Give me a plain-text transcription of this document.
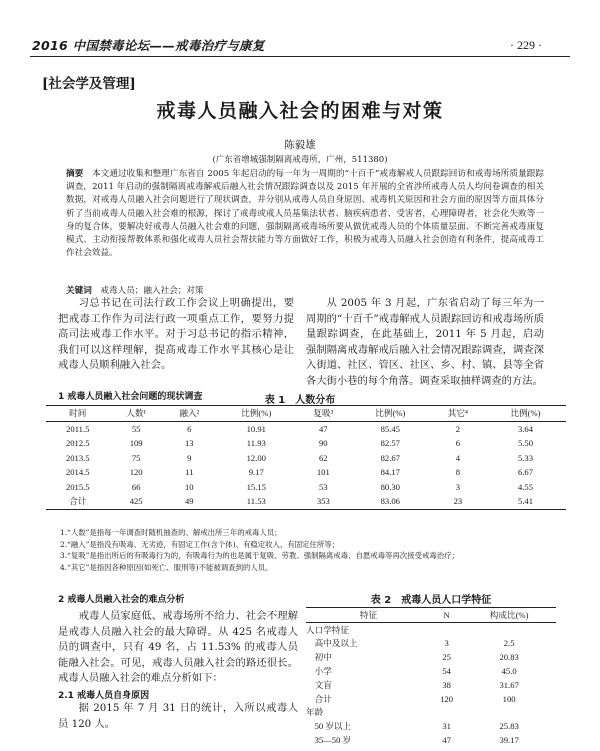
2016 中国禁毒论坛——戒毒治疗与康复	· 229 ·
[社会学及管理]
戒毒人员融入社会的困难与对策
陈毅雄
(广东省增城强制隔离戒毒所，广州，511380)
摘要　 本文通过收集和整理广东省自 2005 年起启动的每一年为一周期的“十百千”戒毒解戒人员跟踪回访和戒毒场所质量跟踪调查，2011 年启动的强制隔离戒毒解戒后融入社会情况跟踪调查以及 2015 年开展的全省涉所戒毒人员人均问卷调查的相关数据，对戒毒人员融入社会问题进行了现状调查，并分别从戒毒人员自身原因、戒毒机关原因和社会方面的原因等方面具体分析了当前戒毒人员融入社会难的根源，探讨了戒毒或戒人员基集法状者、脑疾病患者、受害者，心理障碍者，社会化失败等一身的复合体，要解决好戒毒人员融入社会难的问题，强制隔离戒毒场所要从做优戒毒人员的个体质量层面、不断完善戒毒康复模式、主动衔接帮教体系和强化戒毒人员社会帮扶能力等方面做好工作，积极为戒毒人员融入社会创造有利条件，提高戒毒工作社会效益。
关键词　 戒毒人员；融入社会；对策
习总书记在司法行政工作会议上明确提出，要把戒毒工作作为司法行政一项重点工作，要努力提高司法戒毒工作水平。对于习总书记的指示精神，我们可以这样理解，提高戒毒工作水平其核心是让戒毒人员顺利融入社会。
从 2005 年 3 月起，广东省启动了每三年为一周期的“十百千”戒毒解戒人员跟踪回访和戒毒场所质量跟踪调查，在此基础上，2011 年 5 月起，启动强制隔离戒毒解戒后融入社会情况跟踪调查，调查深入街道、社区、管区、社区、乡、村、镇、县等全省各大街小巷的每个角落。调查采取抽样调查的方法。
1 戒毒人员融入社会问题的现状调查	表 1　人数分布
时间	人数¹	融入²	比例(%)	复吸³	比例(%)	其它⁴	比例(%)
2011.5	55	6	10.91	47	85.45	2	3.64
2012.5	109	13	11.93	90	82.57	6	5.50
2013.5	75	9	12.00	62	82.67	4	5.33
2014.5	120	11	9.17	101	84.17	8	6.67
2015.5	66	10	15.15	53	80.30	3	4.55
合计	425	49	11.53	353	83.06	23	5.41
1.“人数”是指每一年调查时随机抽查的、解戒出所三年的戒毒人员；
2.“融入”是指没有吸毒、无劣迹，有固定工作(含个体)、有稳定收入、有固定住所等；
3.“复吸”是指出所后的有吸毒行为的，有吸毒行为的也是属于复吸、劳教、强制隔离戒毒、自愿戒毒等再次接受戒毒治疗；
4.“其它”是指因各种原因(如死亡、服刑等)不能被调查到的人员。
2 戒毒人员融入社会的难点分析
戒毒人员家庭低、戒毒场所不给力、社会不理解是戒毒人员融入社会的最大障碍。从 425 名戒毒人员的调查中，只有 49 名，占 11.53% 的戒毒人员能融入社会。可见，戒毒人员融入社会的路还很长。戒毒人员融入社会的难点分析如下：
2.1 戒毒人员自身原因
据 2015 年 7 月 31 日的统计，入所以戒毒人员 120 人。
表 2　戒毒人员人口学特征
特征	N	构成比(%)
人口学特征		
　高中及以上	3	2.5
　初中	25	20.83
　小学	54	45.0
　文盲	38	31.67
　合计	120	100
年龄		
　50 岁以上	31	25.83
　35—50 岁	47	39.17
